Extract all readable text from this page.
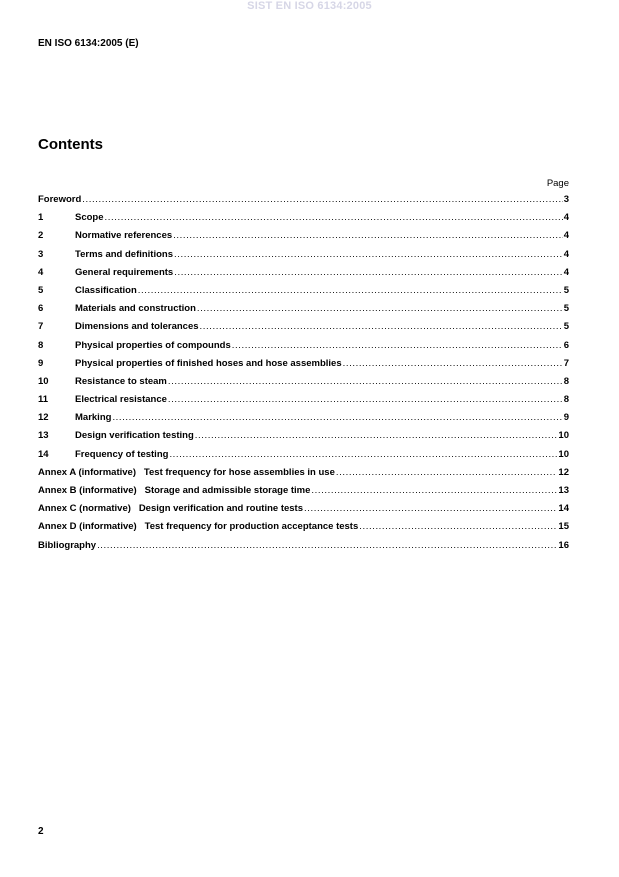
SIST EN ISO 6134:2005
EN ISO 6134:2005 (E)
Contents
Page
Foreword .....	3
1	Scope .....	4
2	Normative references .....	4
3	Terms and definitions .....	4
4	General requirements .....	4
5	Classification .....	5
6	Materials and construction .....	5
7	Dimensions and tolerances .....	5
8	Physical properties of compounds .....	6
9	Physical properties of finished hoses and hose assemblies .....	7
10	Resistance to steam .....	8
11	Electrical resistance .....	8
12	Marking .....	9
13	Design verification testing .....	10
14	Frequency of testing .....	10
Annex A (informative)   Test frequency for hose assemblies in use .....	12
Annex B (informative)   Storage and admissible storage time .....	13
Annex C (normative)   Design verification and routine tests .....	14
Annex D (informative)   Test frequency for production acceptance tests .....	15
Bibliography .....	16
2
